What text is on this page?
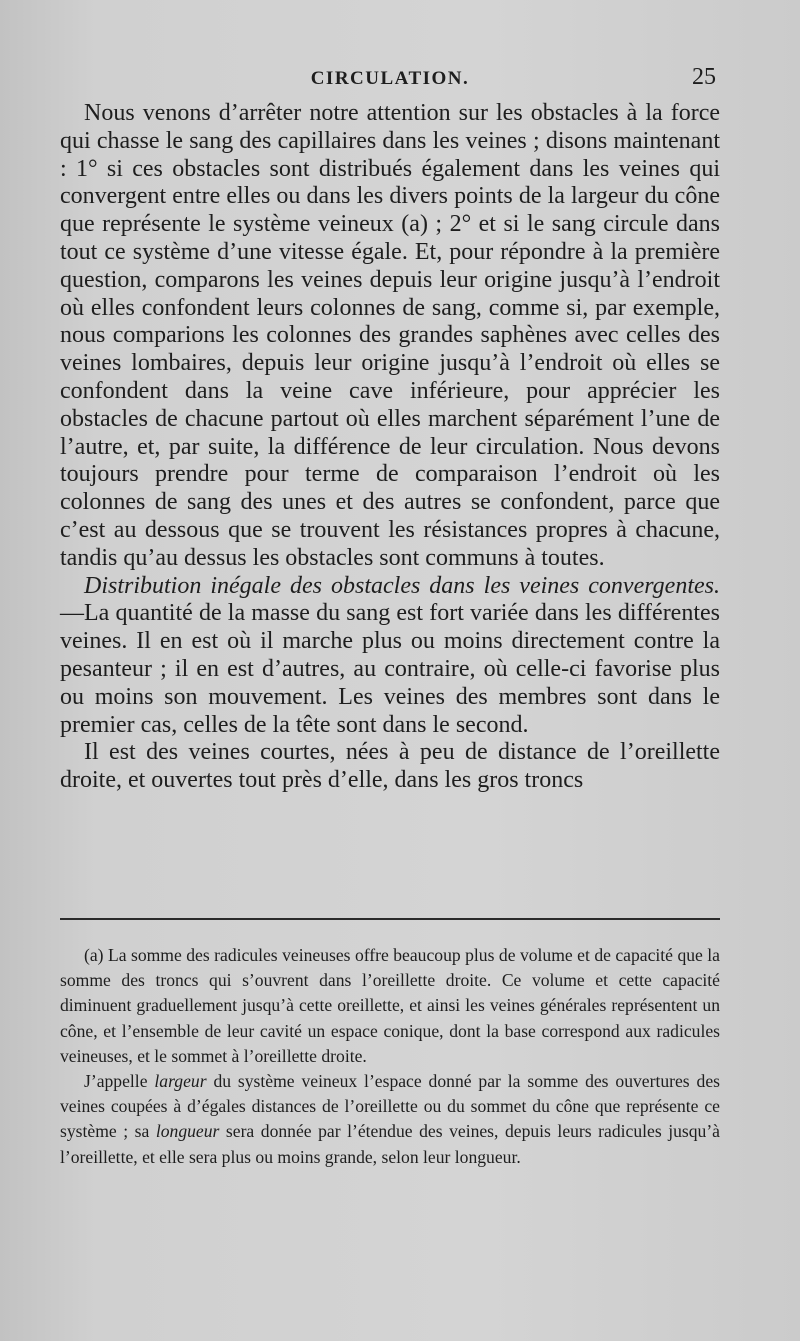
CIRCULATION.	25

Nous venons d’arrêter notre attention sur les obstacles à la force qui chasse le sang des capillaires dans les veines ; disons maintenant : 1° si ces obstacles sont distribués également dans les veines qui convergent entre elles ou dans les divers points de la largeur du cône que représente le système veineux (a) ; 2° et si le sang circule dans tout ce système d’une vitesse égale. Et, pour répondre à la première question, comparons les veines depuis leur origine jusqu’à l’endroit où elles confondent leurs colonnes de sang, comme si, par exemple, nous comparions les colonnes des grandes saphènes avec celles des veines lombaires, depuis leur origine jusqu’à l’endroit où elles se confondent dans la veine cave inférieure, pour apprécier les obstacles de chacune partout où elles marchent séparément l’une de l’autre, et, par suite, la différence de leur circulation. Nous devons toujours prendre pour terme de comparaison l’endroit où les colonnes de sang des unes et des autres se confondent, parce que c’est au dessous que se trouvent les résistances propres à chacune, tandis qu’au dessus les obstacles sont communs à toutes.

Distribution inégale des obstacles dans les veines convergentes. —La quantité de la masse du sang est fort variée dans les différentes veines. Il en est où il marche plus ou moins directement contre la pesanteur ; il en est d’autres, au contraire, où celle-ci favorise plus ou moins son mouvement. Les veines des membres sont dans le premier cas, celles de la tête sont dans le second.

Il est des veines courtes, nées à peu de distance de l’oreillette droite, et ouvertes tout près d’elle, dans les gros troncs

(a) La somme des radicules veineuses offre beaucoup plus de volume et de capacité que la somme des troncs qui s’ouvrent dans l’oreillette droite. Ce volume et cette capacité diminuent graduellement jusqu’à cette oreillette, et ainsi les veines générales représentent un cône, et l’ensemble de leur cavité un espace conique, dont la base correspond aux radicules veineuses, et le sommet à l’oreillette droite.

J’appelle largeur du système veineux l’espace donné par la somme des ouvertures des veines coupées à d’égales distances de l’oreillette ou du sommet du cône que représente ce système ; sa longueur sera donnée par l’étendue des veines, depuis leurs radicules jusqu’à l’oreillette, et elle sera plus ou moins grande, selon leur longueur.
